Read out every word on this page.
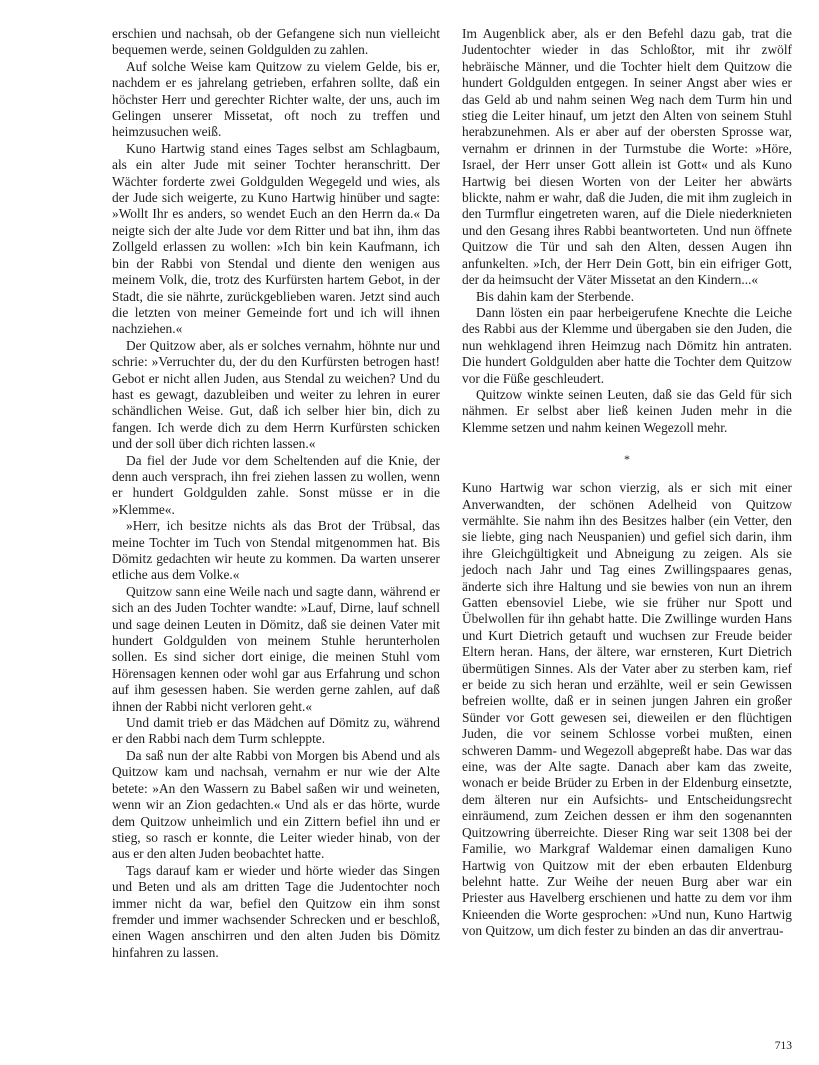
erschien und nachsah, ob der Gefangene sich nun vielleicht bequemen werde, seinen Goldgulden zu zahlen.

Auf solche Weise kam Quitzow zu vielem Gelde, bis er, nachdem er es jahrelang getrieben, erfahren sollte, daß ein höchster Herr und gerechter Richter walte, der uns, auch im Gelingen unserer Missetat, oft noch zu treffen und heimzusuchen weiß.

Kuno Hartwig stand eines Tages selbst am Schlagbaum, als ein alter Jude mit seiner Tochter heranschritt. Der Wächter forderte zwei Goldgulden Wegegeld und wies, als der Jude sich weigerte, zu Kuno Hartwig hinüber und sagte: »Wollt Ihr es anders, so wendet Euch an den Herrn da.« Da neigte sich der alte Jude vor dem Ritter und bat ihn, ihm das Zollgeld erlassen zu wollen: »Ich bin kein Kaufmann, ich bin der Rabbi von Stendal und diente den wenigen aus meinem Volk, die, trotz des Kurfürsten hartem Gebot, in der Stadt, die sie nährte, zurückgeblieben waren. Jetzt sind auch die letzten von meiner Gemeinde fort und ich will ihnen nachziehen.«

Der Quitzow aber, als er solches vernahm, höhnte nur und schrie: »Verruchter du, der du den Kurfürsten betrogen hast! Gebot er nicht allen Juden, aus Stendal zu weichen? Und du hast es gewagt, dazubleiben und weiter zu lehren in eurer schändlichen Weise. Gut, daß ich selber hier bin, dich zu fangen. Ich werde dich zu dem Herrn Kurfürsten schicken und der soll über dich richten lassen.«

Da fiel der Jude vor dem Scheltenden auf die Knie, der denn auch versprach, ihn frei ziehen lassen zu wollen, wenn er hundert Goldgulden zahle. Sonst müsse er in die »Klemme«.

»Herr, ich besitze nichts als das Brot der Trübsal, das meine Tochter im Tuch von Stendal mitgenommen hat. Bis Dömitz gedachten wir heute zu kommen. Da warten unserer etliche aus dem Volke.«

Quitzow sann eine Weile nach und sagte dann, während er sich an des Juden Tochter wandte: »Lauf, Dirne, lauf schnell und sage deinen Leuten in Dömitz, daß sie deinen Vater mit hundert Goldgulden von meinem Stuhle herunterholen sollen. Es sind sicher dort einige, die meinen Stuhl vom Hörensagen kennen oder wohl gar aus Erfahrung und schon auf ihm gesessen haben. Sie werden gerne zahlen, auf daß ihnen der Rabbi nicht verloren geht.«

Und damit trieb er das Mädchen auf Dömitz zu, während er den Rabbi nach dem Turm schleppte.

Da saß nun der alte Rabbi von Morgen bis Abend und als Quitzow kam und nachsah, vernahm er nur wie der Alte betete: »An den Wassern zu Babel saßen wir und weineten, wenn wir an Zion gedachten.« Und als er das hörte, wurde dem Quitzow unheimlich und ein Zittern befiel ihn und er stieg, so rasch er konnte, die Leiter wieder hinab, von der aus er den alten Juden beobachtet hatte.

Tags darauf kam er wieder und hörte wieder das Singen und Beten und als am dritten Tage die Judentochter noch immer nicht da war, befiel den Quitzow ein ihm sonst fremder und immer wachsender Schrecken und er beschloß, einen Wagen anschirren und den alten Juden bis Dömitz hinfahren zu lassen.

Im Augenblick aber, als er den Befehl dazu gab, trat die Judentochter wieder in das Schloßtor, mit ihr zwölf hebräische Männer, und die Tochter hielt dem Quitzow die hundert Goldgulden entgegen. In seiner Angst aber wies er das Geld ab und nahm seinen Weg nach dem Turm hin und stieg die Leiter hinauf, um jetzt den Alten von seinem Stuhl herabzunehmen. Als er aber auf der obersten Sprosse war, vernahm er drinnen in der Turmstube die Worte: »Höre, Israel, der Herr unser Gott allein ist Gott« und als Kuno Hartwig bei diesen Worten von der Leiter her abwärts blickte, nahm er wahr, daß die Juden, die mit ihm zugleich in den Turmflur eingetreten waren, auf die Diele niederknieten und den Gesang ihres Rabbi beantworteten. Und nun öffnete Quitzow die Tür und sah den Alten, dessen Augen ihn anfunkelten. »Ich, der Herr Dein Gott, bin ein eifriger Gott, der da heimsucht der Väter Missetat an den Kindern...«

Bis dahin kam der Sterbende.

Dann lösten ein paar herbeigerufene Knechte die Leiche des Rabbi aus der Klemme und übergaben sie den Juden, die nun wehklagend ihren Heimzug nach Dömitz hin antraten. Die hundert Goldgulden aber hatte die Tochter dem Quitzow vor die Füße geschleudert.

Quitzow winkte seinen Leuten, daß sie das Geld für sich nähmen. Er selbst aber ließ keinen Juden mehr in die Klemme setzen und nahm keinen Wegezoll mehr.

*

Kuno Hartwig war schon vierzig, als er sich mit einer Anverwandten, der schönen Adelheid von Quitzow vermählte. Sie nahm ihn des Besitzes halber (ein Vetter, den sie liebte, ging nach Neuspanien) und gefiel sich darin, ihm ihre Gleichgültigkeit und Abneigung zu zeigen. Als sie jedoch nach Jahr und Tag eines Zwillingspaares genas, änderte sich ihre Haltung und sie bewies von nun an ihrem Gatten ebensoviel Liebe, wie sie früher nur Spott und Übelwollen für ihn gehabt hatte. Die Zwillinge wurden Hans und Kurt Dietrich getauft und wuchsen zur Freude beider Eltern heran. Hans, der ältere, war ernsteren, Kurt Dietrich übermütigen Sinnes. Als der Vater aber zu sterben kam, rief er beide zu sich heran und erzählte, weil er sein Gewissen befreien wollte, daß er in seinen jungen Jahren ein großer Sünder vor Gott gewesen sei, dieweilen er den flüchtigen Juden, die vor seinem Schlosse vorbei mußten, einen schweren Damm- und Wegezoll abgepreßt habe. Das war das eine, was der Alte sagte. Danach aber kam das zweite, wonach er beide Brüder zu Erben in der Eldenburg einsetzte, dem älteren nur ein Aufsichts- und Entscheidungsrecht einräumend, zum Zeichen dessen er ihm den sogenannten Quitzowring überreichte. Dieser Ring war seit 1308 bei der Familie, wo Markgraf Waldemar einen damaligen Kuno Hartwig von Quitzow mit der eben erbauten Eldenburg belehnt hatte. Zur Weihe der neuen Burg aber war ein Priester aus Havelberg erschienen und hatte zu dem vor ihm Knieenden die Worte gesprochen: »Und nun, Kuno Hartwig von Quitzow, um dich fester zu binden an das dir anvertrau-

713
